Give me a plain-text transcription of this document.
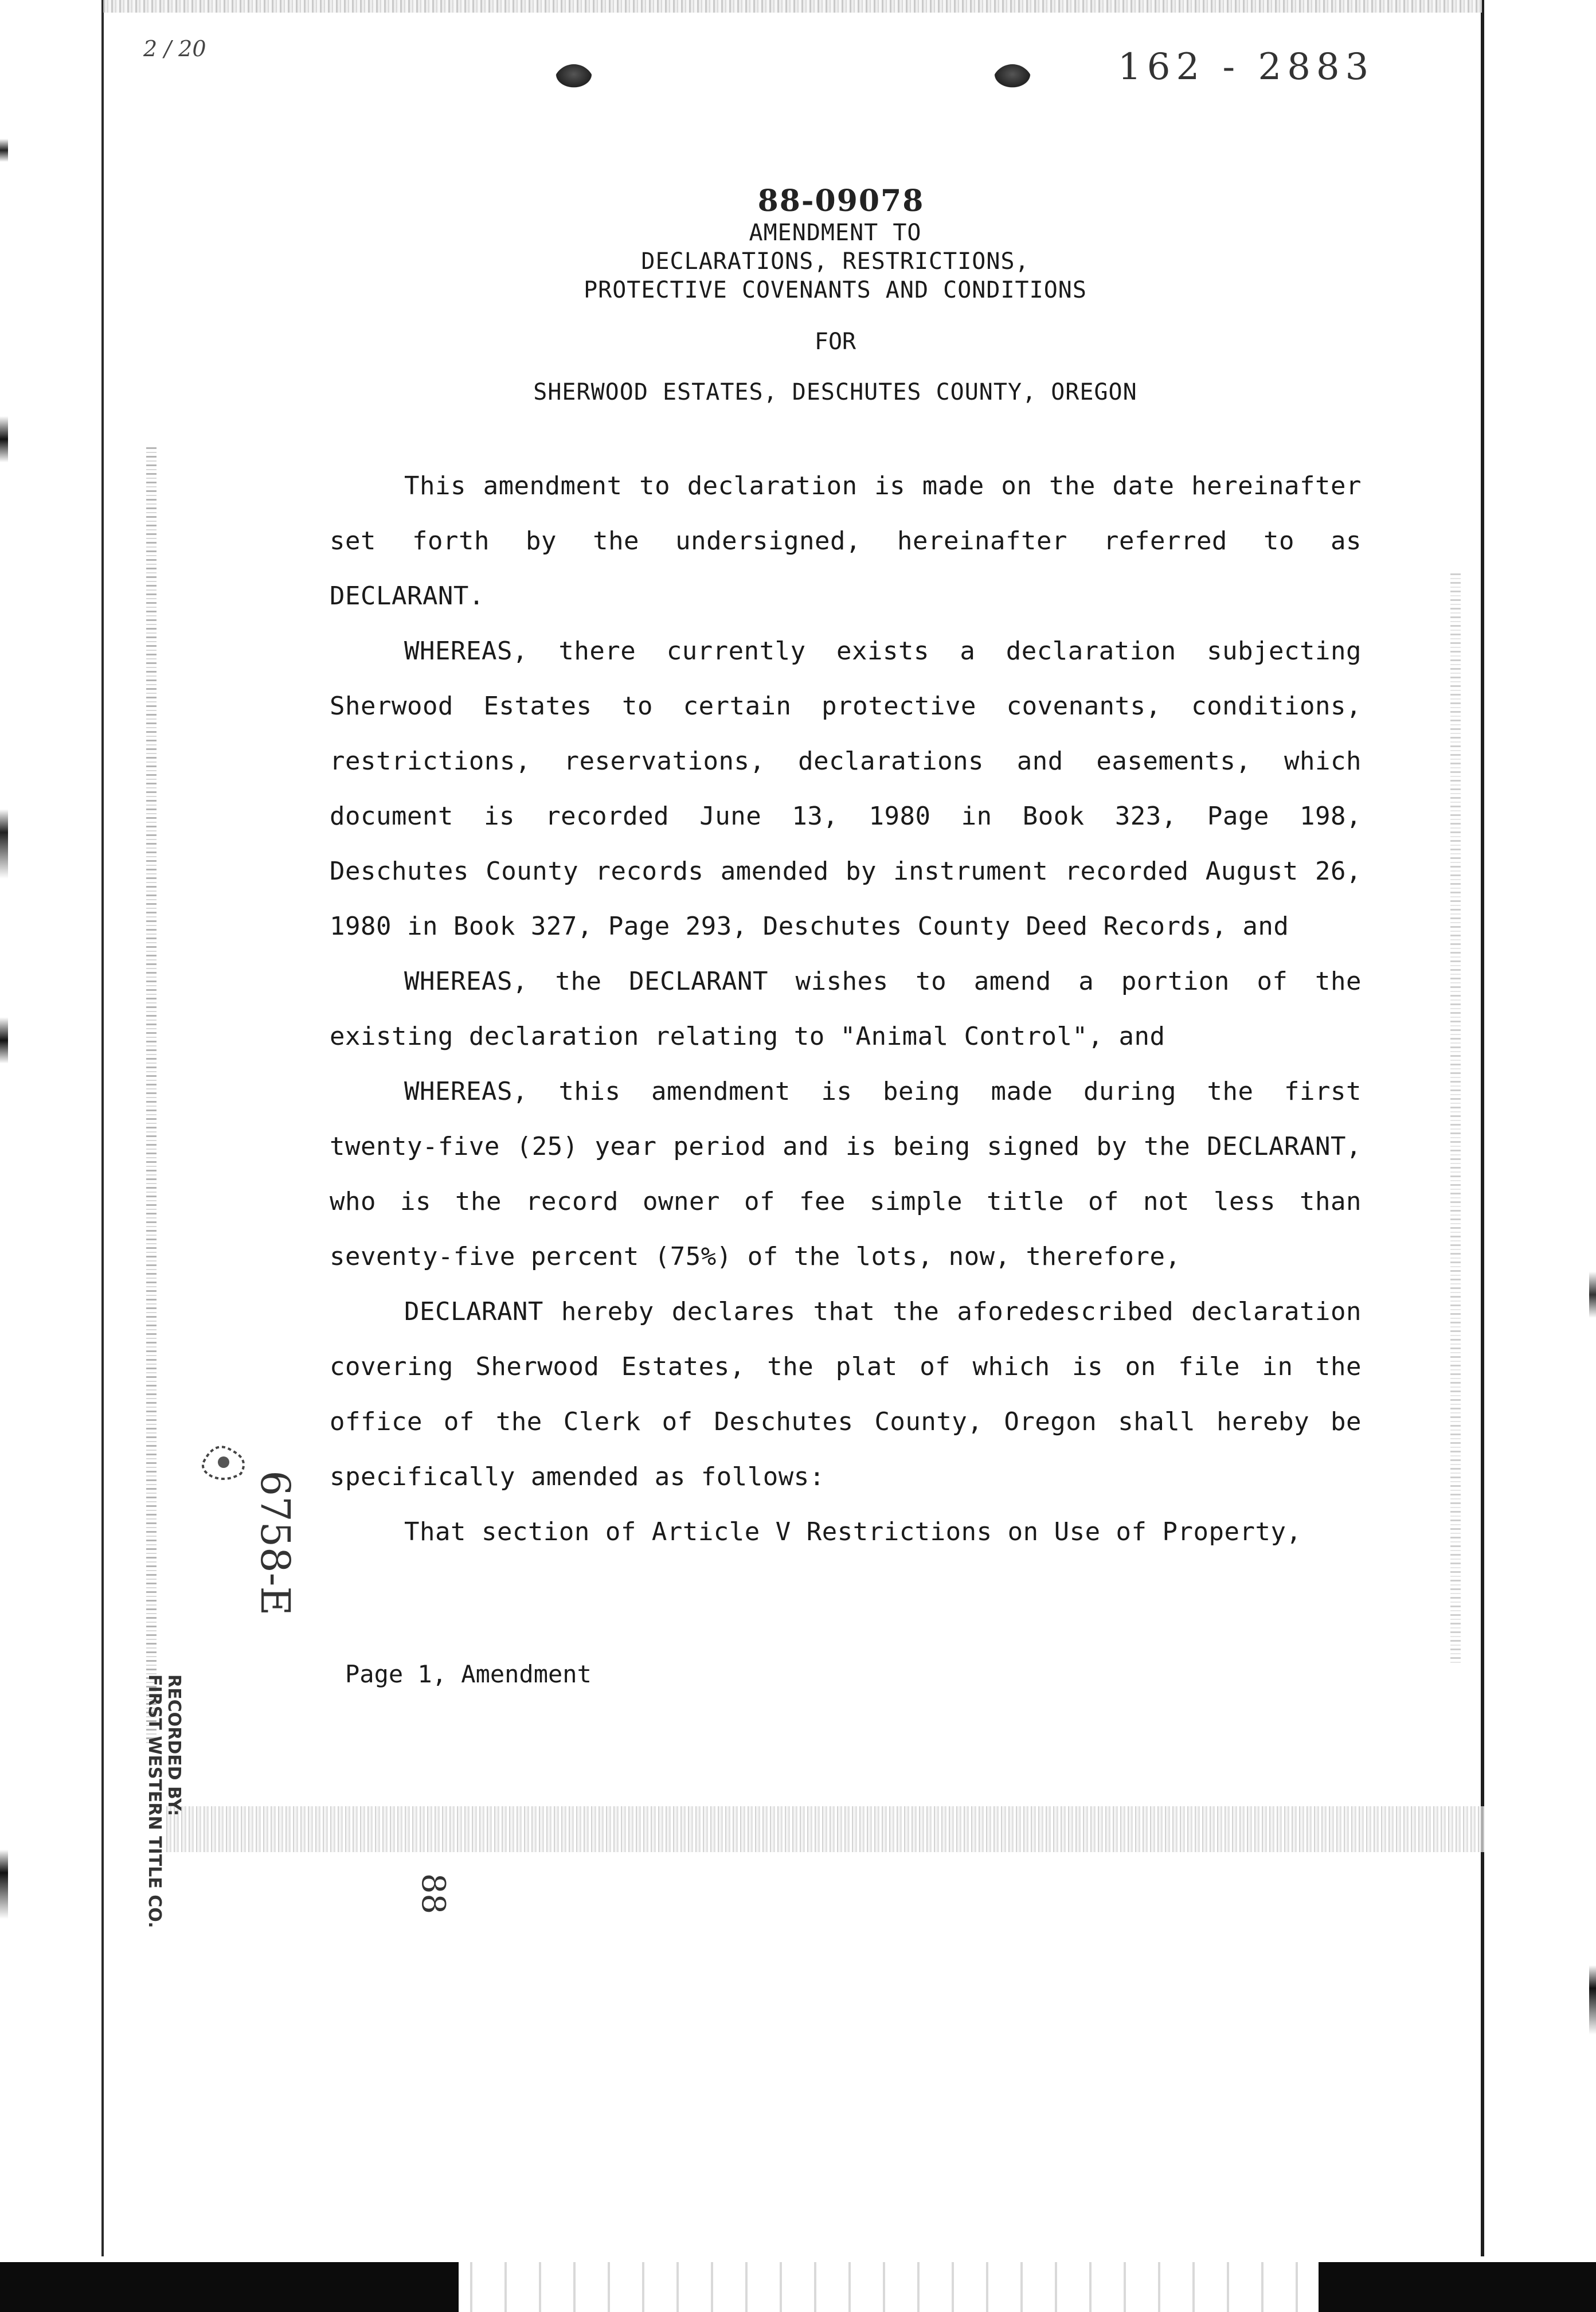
2 / 20	162 - 2883
88-09078
AMENDMENT TO
DECLARATIONS, RESTRICTIONS,
PROTECTIVE COVENANTS AND CONDITIONS
FOR
SHERWOOD ESTATES, DESCHUTES COUNTY, OREGON

This amendment to declaration is made on the date hereinafter set forth by the undersigned, hereinafter referred to as DECLARANT.

WHEREAS, there currently exists a declaration subjecting Sherwood Estates to certain protective covenants, conditions, restrictions, reservations, declarations and easements, which document is recorded June 13, 1980 in Book 323, Page 198, Deschutes County records amended by instrument recorded August 26, 1980 in Book 327, Page 293, Deschutes County Deed Records, and

WHEREAS, the DECLARANT wishes to amend a portion of the existing declaration relating to "Animal Control", and

WHEREAS, this amendment is being made during the first twenty-five (25) year period and is being signed by the DECLARANT, who is the record owner of fee simple title of not less than seventy-five percent (75%) of the lots, now, therefore,

DECLARANT hereby declares that the aforedescribed declaration covering Sherwood Estates, the plat of which is on file in the office of the Clerk of Deschutes County, Oregon shall hereby be specifically amended as follows:

That section of Article V Restrictions on Use of Property,

Page 1, Amendment
RECORDED BY:
FIRST WESTERN TITLE CO.
6758-E
88
